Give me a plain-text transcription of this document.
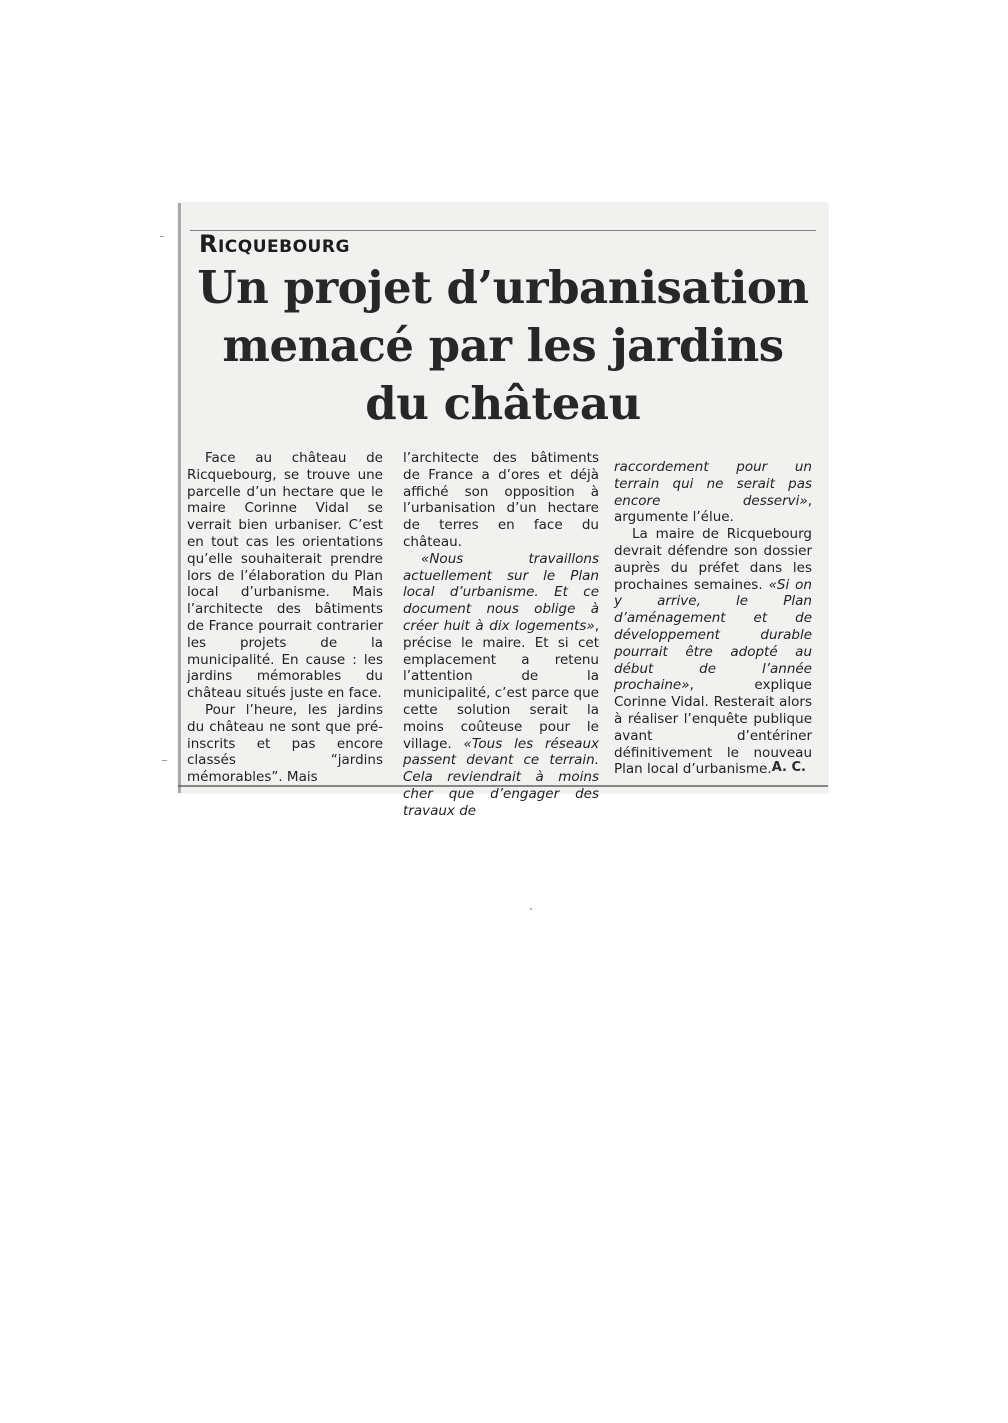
Ricquebourg
Un projet d’urbanisation menacé par les jardins du château

Face au château de Ricquebourg, se trouve une parcelle d’un hectare que le maire Corinne Vidal se verrait bien urbaniser. C’est en tout cas les orientations qu’elle souhaiterait prendre lors de l’élaboration du Plan local d’urbanisme. Mais l’architecte des bâtiments de France pourrait contrarier les projets de la municipalité. En cause : les jardins mémorables du château situés juste en face.

Pour l’heure, les jardins du château ne sont que pré-inscrits et pas encore classés “jardins mémorables”. Mais

l’architecte des bâtiments de France a d’ores et déjà affiché son opposition à l’urbanisation d’un hectare de terres en face du château.

«Nous travaillons actuellement sur le Plan local d’urbanisme. Et ce document nous oblige à créer huit à dix logements», précise le maire. Et si cet emplacement a retenu l’attention de la municipalité, c’est parce que cette solution serait la moins coûteuse pour le village. «Tous les réseaux passent devant ce terrain. Cela reviendrait à moins cher que d’engager des travaux de

raccordement pour un terrain qui ne serait pas encore desservi», argumente l’élue.

La maire de Ricquebourg devrait défendre son dossier auprès du préfet dans les prochaines semaines. «Si on y arrive, le Plan d’aménagement et de développement durable pourrait être adopté au début de l’année prochaine», explique Corinne Vidal. Resterait alors à réaliser l’enquête publique avant d’entériner définitivement le nouveau Plan local d’urbanisme. A. C.
